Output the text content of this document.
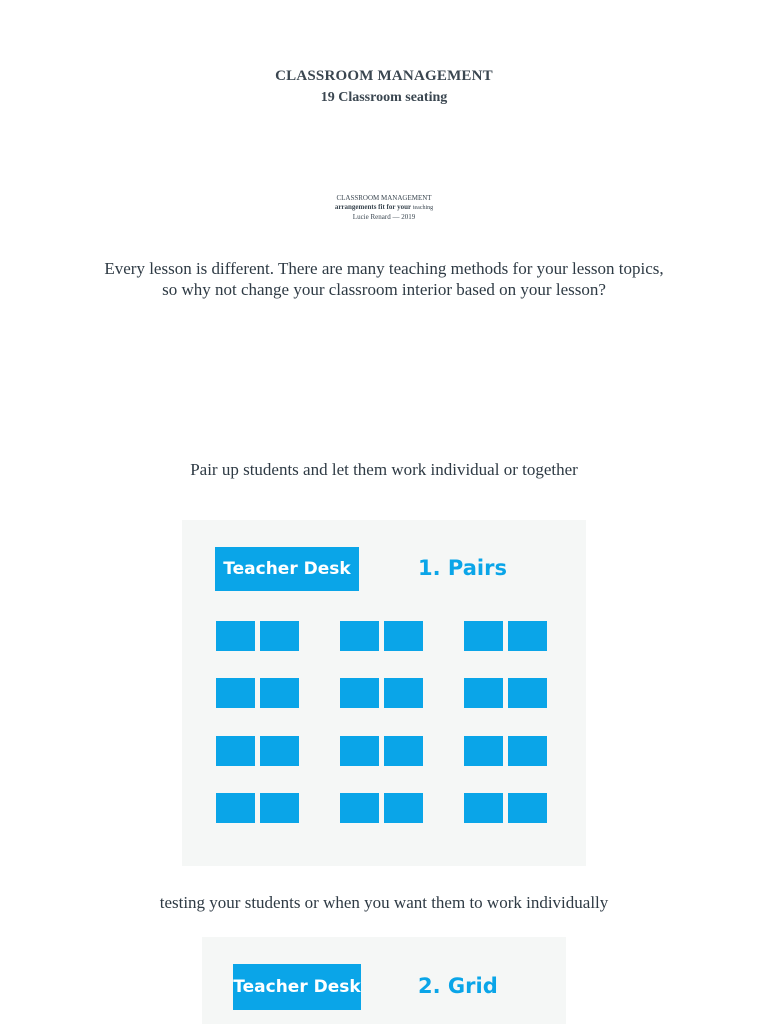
CLASSROOM MANAGEMENT
19 Classroom seating
CLASSROOM MANAGEMENT
arrangements fit for your teaching
Lucie Renard — 2019
Every lesson is different. There are many teaching methods for your lesson topics, so why not change your classroom interior based on your lesson?
Pair up students and let them work individual or together
Teacher Desk	1. Pairs
testing your students or when you want them to work individually
Teacher Desk	2. Grid
